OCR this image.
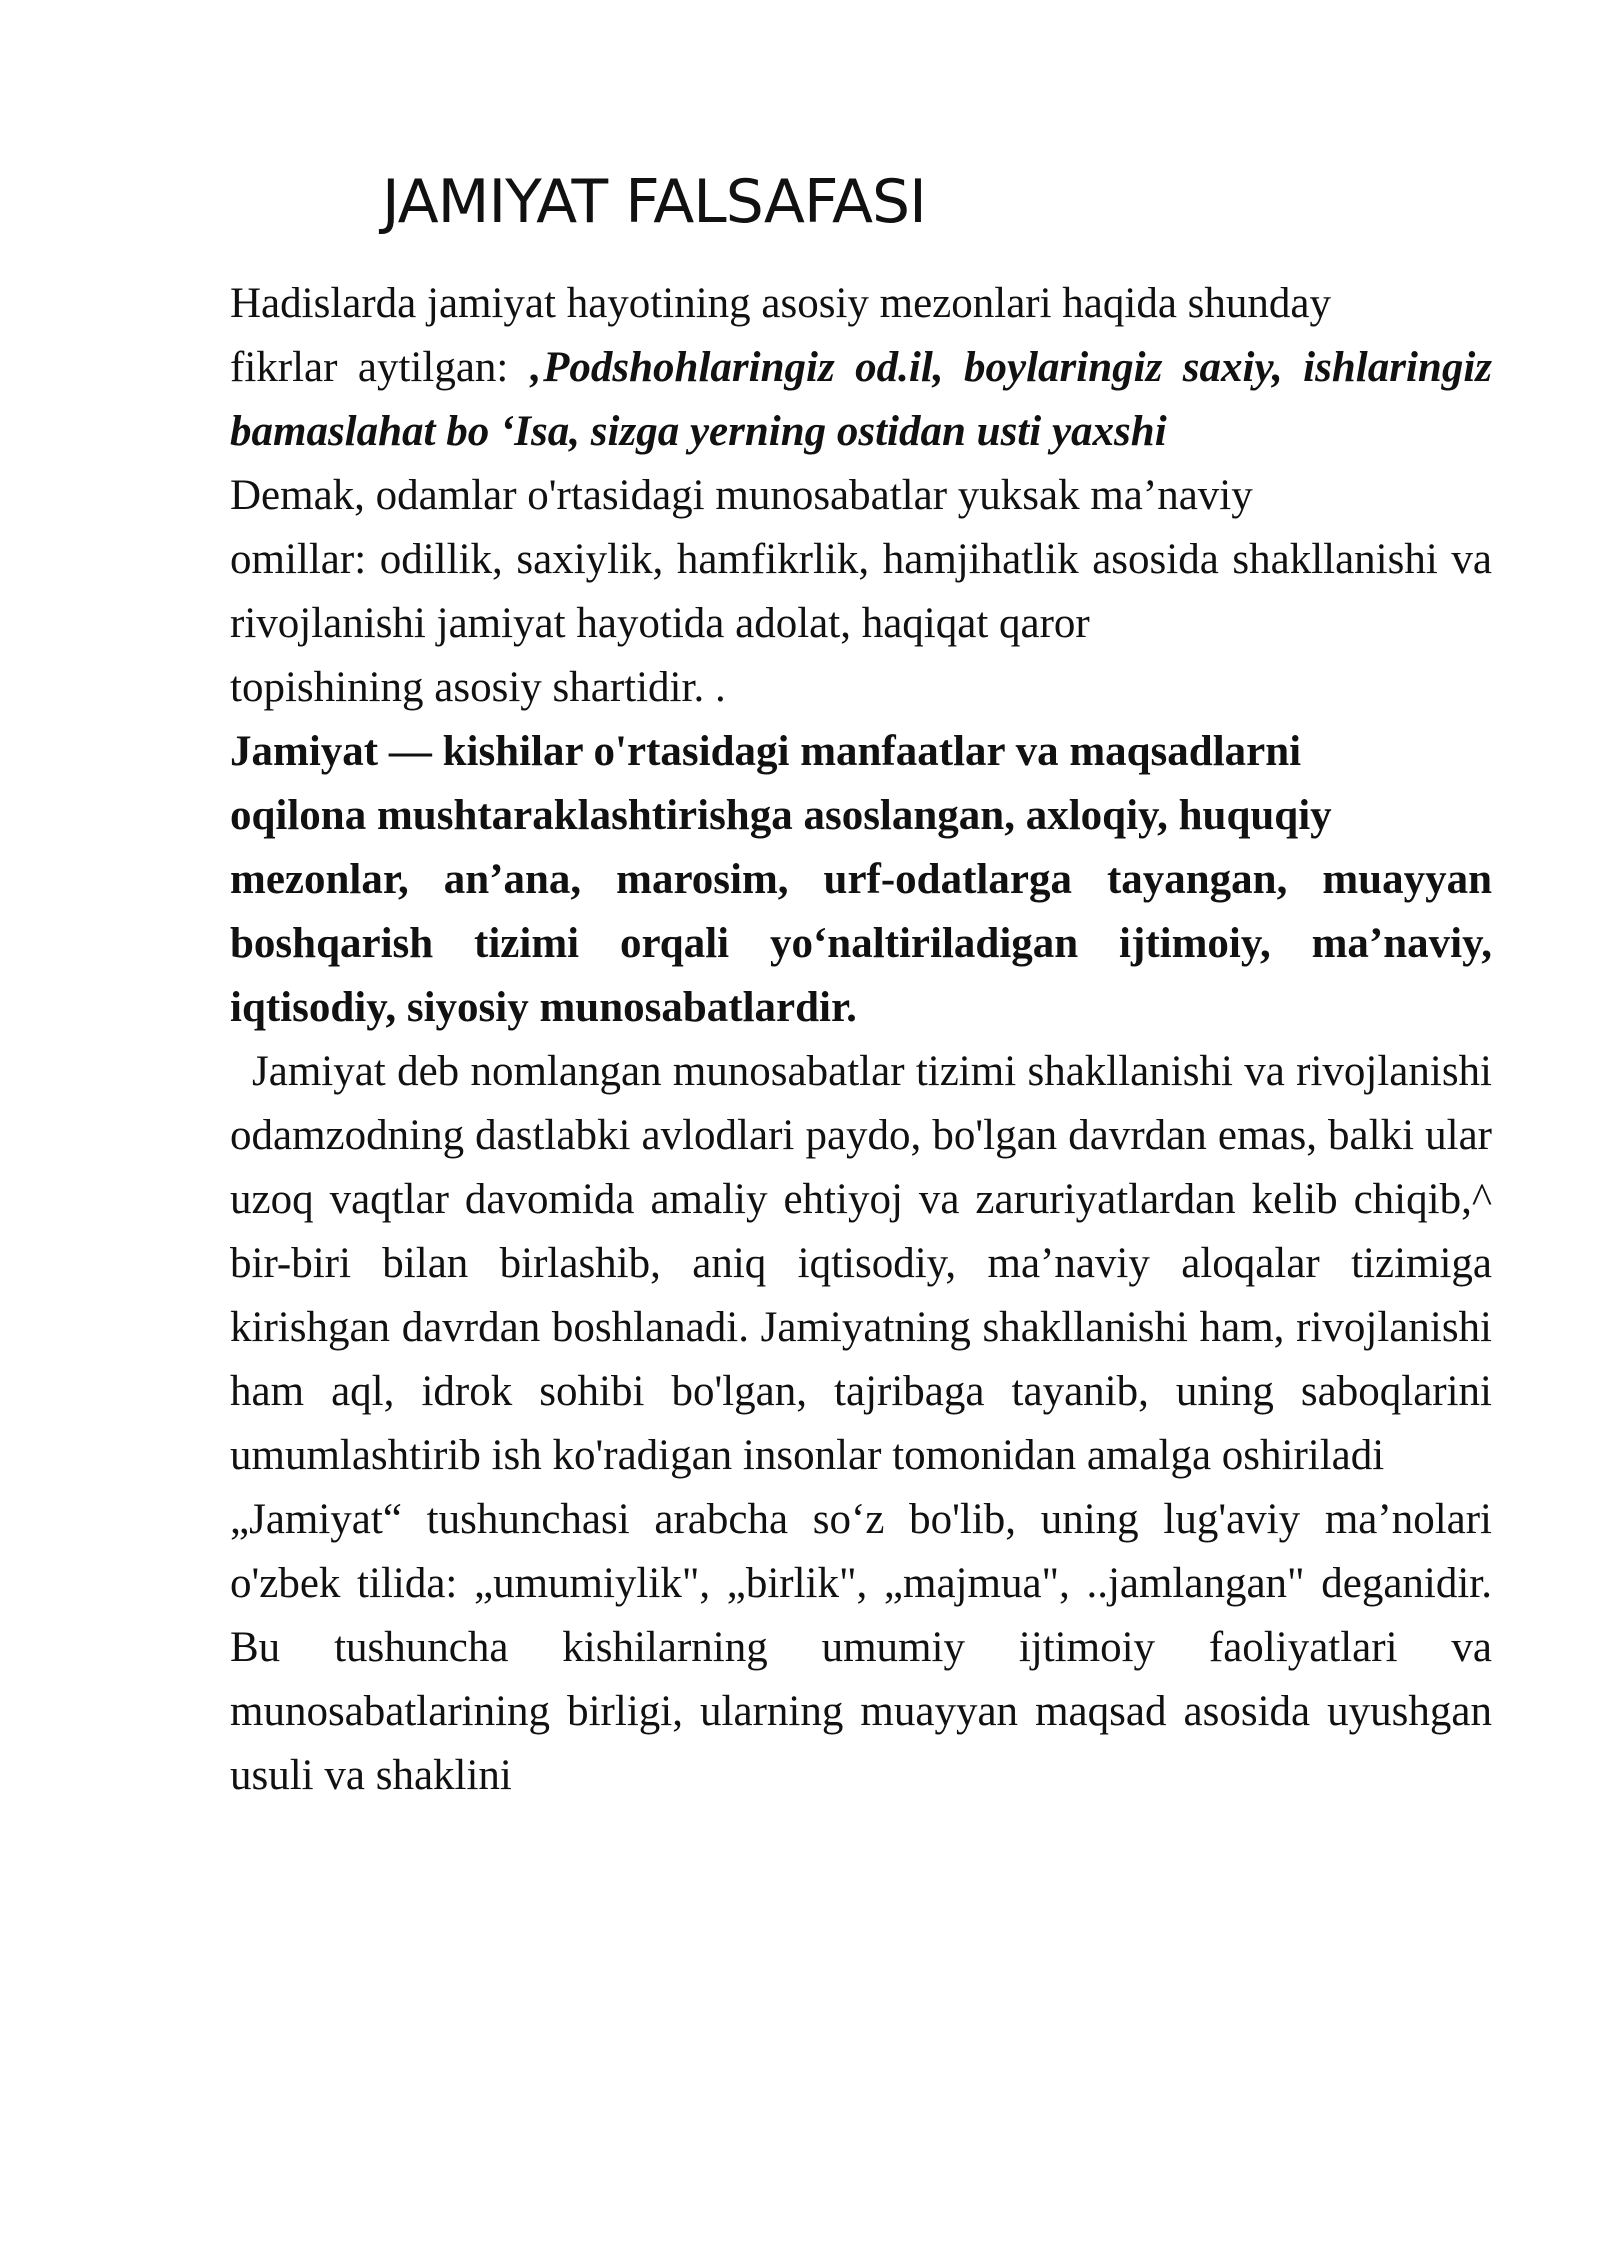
JAMIYAT FALSAFASI

Hadislarda jamiyat hayotining asosiy mezonlari haqida shunday

fikrlar aytilgan: ‚Podshohlaringiz od.il, boylaringiz saxiy, ishlaringiz bamaslahat bo ‘Isa, sizga yerning ostidan usti yaxshi

Demak, odamlar o'rtasidagi munosabatlar yuksak ma’naviy

omillar: odillik, saxiylik, hamfikrlik, hamjihatlik asosida shakllanishi va rivojlanishi jamiyat hayotida adolat, haqiqat qaror

topishining asosiy shartidir. .

Jamiyat — kishilar o'rtasidagi manfaatlar va maqsadlarni

oqilona mushtaraklashtirishga asoslangan, axloqiy, huquqiy

mezonlar, an’ana, marosim, urf-odatlarga tayangan, muayyan boshqarish tizimi orqali yo‘naltiriladigan ijtimoiy, ma’naviy, iqtisodiy, siyosiy munosabatlardir.

Jamiyat deb nomlangan munosabatlar tizimi shakllanishi va rivojlanishi odamzodning dastlabki avlodlari paydo, bo'lgan davrdan emas, balki ular uzoq vaqtlar davomida amaliy ehtiyoj va zaruriyatlardan kelib chiqib,^ bir-biri bilan birlashib, aniq iqtisodiy, ma’naviy aloqalar tizimiga kirishgan davrdan boshlanadi. Jamiyatning shakllanishi ham, rivojlanishi ham aql, idrok sohibi bo'lgan, tajribaga tayanib, uning saboqlarini umumlashtirib ish ko'radigan insonlar tomonidan amalga oshiriladi

„Jamiyat“ tushunchasi arabcha so‘z bo'lib, uning lug'aviy ma’nolari o'zbek tilida: „umumiylik", „birlik", „majmua", ..jamlangan" deganidir. Bu tushuncha kishilarning umumiy ijtimoiy faoliyatlari va munosabatlarining birligi, ularning muayyan maqsad asosida uyushgan usuli va shaklini
